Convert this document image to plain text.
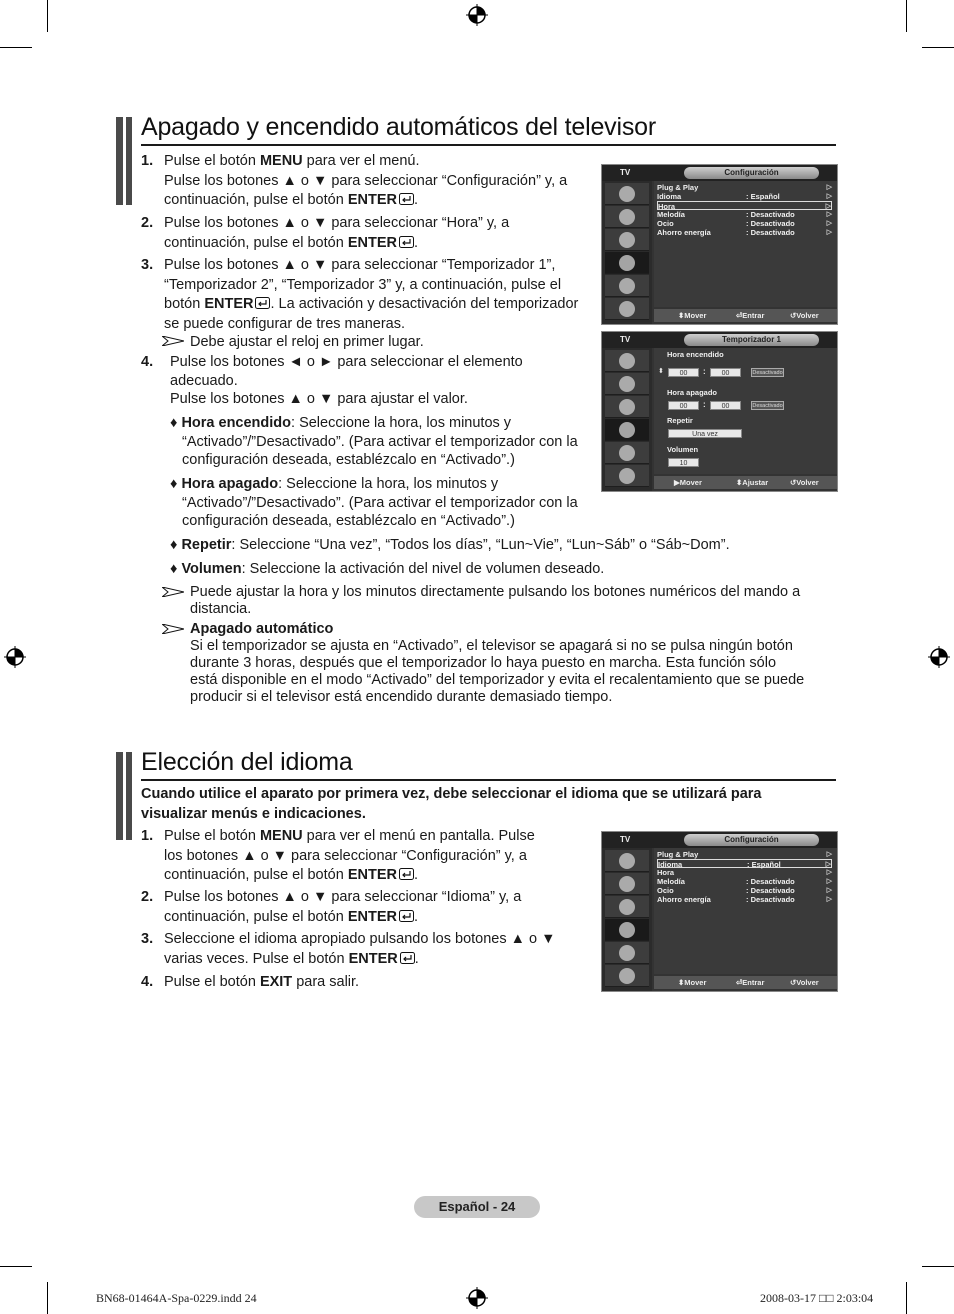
Apagado y encendido automáticos del televisor
1. Pulse el botón MENU para ver el menú.
Pulse los botones ▲ o ▼ para seleccionar “Configuración” y, a
continuación, pulse el botón ENTER .
2. Pulse los botones ▲ o ▼ para seleccionar “Hora” y, a
continuación, pulse el botón ENTER .
3. Pulse los botones ▲ o ▼ para seleccionar “Temporizador 1”,
“Temporizador 2”, “Temporizador 3” y, a continuación, pulse el
botón ENTER . La activación y desactivación del temporizador
se puede configurar de tres maneras.
Debe ajustar el reloj en primer lugar.
4. Pulse los botones ◄ o ► para seleccionar el elemento
adecuado.
Pulse los botones ▲ o ▼ para ajustar el valor.
♦ Hora encendido: Seleccione la hora, los minutos y
“Activado”/”Desactivado”. (Para activar el temporizador con la
configuración deseada, establézcalo en “Activado”.)
♦ Hora apagado: Seleccione la hora, los minutos y
“Activado”/”Desactivado”. (Para activar el temporizador con la
configuración deseada, establézcalo en “Activado”.)
♦ Repetir: Seleccione “Una vez”, “Todos los días”, “Lun~Vie”, “Lun~Sáb” o “Sáb~Dom”.
♦ Volumen: Seleccione la activación del nivel de volumen deseado.
Puede ajustar la hora y los minutos directamente pulsando los botones numéricos del mando a
distancia.
Apagado automático
Si el temporizador se ajusta en “Activado”, el televisor se apagará si no se pulsa ningún botón
durante 3 horas, después que el temporizador lo haya puesto en marcha. Esta función sólo
está disponible en el modo “Activado” del temporizador y evita el recalentamiento que se puede
producir si el televisor está encendido durante demasiado tiempo.
TV	Configuración
Plug & Play	▷
Idioma	: Español	▷
Hora	▷
Melodía	: Desactivado	▷
Ocio	: Desactivado	▷
Ahorro energía	: Desactivado	▷
⬍ Mover	⏎ Entrar	↺ Volver
TV	Temporizador 1
Hora encendido
⬍	00	:	00	Desactivado
Hora apagado
00	:	00	Desactivado
Repetir
Una vez
Volumen
10
▶ Mover	⬍ Ajustar	↺ Volver
Elección del idioma
Cuando utilice el aparato por primera vez, debe seleccionar el idioma que se utilizará para
visualizar menús e indicaciones.
1. Pulse el botón MENU para ver el menú en pantalla. Pulse
los botones ▲ o ▼ para seleccionar “Configuración” y, a
continuación, pulse el botón ENTER .
2. Pulse los botones ▲ o ▼ para seleccionar “Idioma” y, a
continuación, pulse el botón ENTER .
3. Seleccione el idioma apropiado pulsando los botones ▲ o ▼
varias veces. Pulse el botón ENTER .
4. Pulse el botón EXIT para salir.
TV	Configuración
Plug & Play	▷
Idioma	: Español	▷
Hora	▷
Melodía	: Desactivado	▷
Ocio	: Desactivado	▷
Ahorro energía	: Desactivado	▷
⬍ Mover	⏎ Entrar	↺ Volver
Español - 24
BN68-01464A-Spa-0229.indd 24	2008-03-17 □□ 2:03:04
